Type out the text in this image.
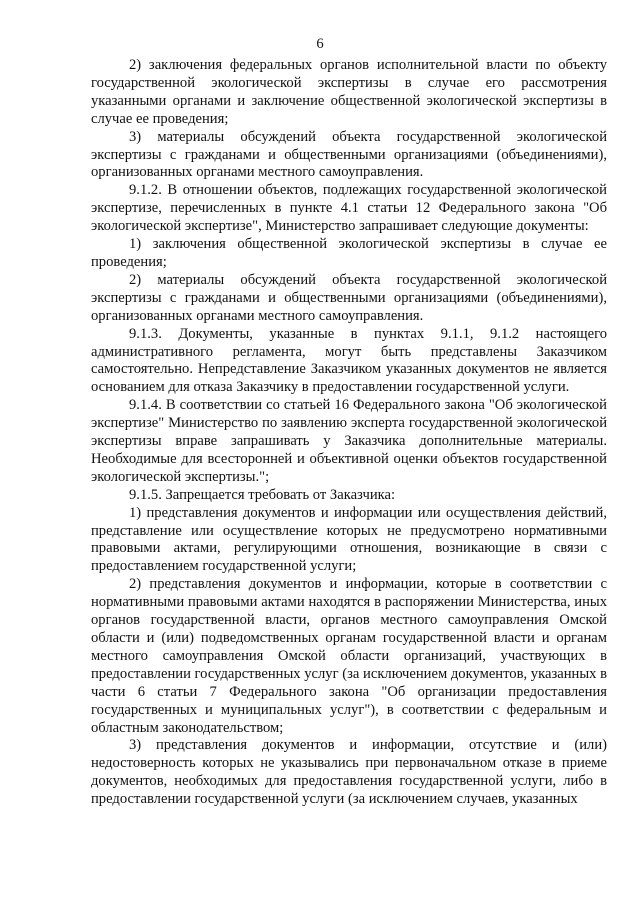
6

2) заключения федеральных органов исполнительной власти по объекту государственной экологической экспертизы в случае его рассмотрения указанными органами и заключение общественной экологической экспертизы в случае ее проведения;

3) материалы обсуждений объекта государственной экологической экспертизы с гражданами и общественными организациями (объединениями), организованных органами местного самоуправления.

9.1.2. В отношении объектов, подлежащих государственной экологической экспертизе, перечисленных в пункте 4.1 статьи 12 Федерального закона "Об экологической экспертизе", Министерство запрашивает следующие документы:

1) заключения общественной экологической экспертизы в случае ее проведения;

2) материалы обсуждений объекта государственной экологической экспертизы с гражданами и общественными организациями (объединениями), организованных органами местного самоуправления.

9.1.3. Документы, указанные в пунктах 9.1.1, 9.1.2 настоящего административного регламента, могут быть представлены Заказчиком самостоятельно. Непредставление Заказчиком указанных документов не является основанием для отказа Заказчику в предоставлении государственной услуги.

9.1.4. В соответствии со статьей 16 Федерального закона "Об экологической экспертизе" Министерство по заявлению эксперта государственной экологической экспертизы вправе запрашивать у Заказчика дополнительные материалы. Необходимые для всесторонней и объективной оценки объектов государственной экологической экспертизы.";

9.1.5. Запрещается требовать от Заказчика:

1) представления документов и информации или осуществления действий, представление или осуществление которых не предусмотрено нормативными правовыми актами, регулирующими отношения, возникающие в связи с предоставлением государственной услуги;

2) представления документов и информации, которые в соответствии с нормативными правовыми актами находятся в распоряжении Министерства, иных органов государственной власти, органов местного самоуправления Омской области и (или) подведомственных органам государственной власти и органам местного самоуправления Омской области организаций, участвующих в предоставлении государственных услуг (за исключением документов, указанных в части 6 статьи 7 Федерального закона "Об организации предоставления государственных и муниципальных услуг"), в соответствии с федеральным и областным законодательством;

3) представления документов и информации, отсутствие и (или) недостоверность которых не указывались при первоначальном отказе в приеме документов, необходимых для предоставления государственной услуги, либо в предоставлении государственной услуги (за исключением случаев, указанных
